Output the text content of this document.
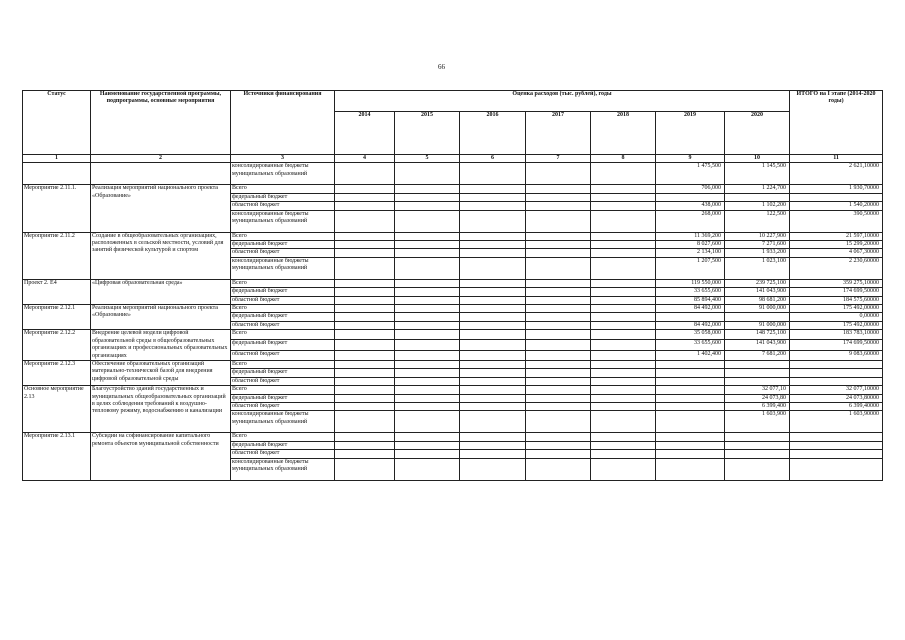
66
Статус	Наименование государственной программы, подпрограммы, основные мероприятия	Источники финансирования	Оценка расходов (тыс. рублей), годы							ИТОГО на I этапе (2014-2020 годы)
			2014	2015	2016	2017	2018	2019	2020	
1	2	3	4	5	6	7	8	9	10	11
		консолидированные бюджеты муниципальных образований						1 475,500	1 145,500	2 621,10000
Мероприятие 2.11.1.	Реализация мероприятий национального проекта «Образование»	Всего						706,000	1 224,700	1 930,70000
		федеральный бюджет								
		областной бюджет						438,000	1 102,200	1 540,20000
		консолидированные бюджеты муниципальных образований						268,000	122,500	390,50000
Мероприятие 2.11.2	Создание в общеобразовательных организациях, расположенных в сельской местности, условий для занятий физической культурой и спортом	Всего						11 369,200	10 227,900	21 597,10000
		федеральный бюджет						8 027,600	7 271,600	15 299,20000
		областной бюджет						2 134,100	1 933,200	4 067,30000
		консолидированные бюджеты муниципальных образований						1 207,500	1 023,100	2 230,60000
Проект 2. Е4	«Цифровая образовательная среда»	Всего						119 550,000	239 725,100	359 275,10000
		федеральный бюджет						33 655,600	141 043,900	174 699,50000
		областной бюджет						85 894,400	98 681,200	184 575,60000
Мероприятие 2.12.1	Реализация мероприятий национального проекта «Образование»	Всего						84 492,000	91 000,000	175 492,00000
		федеральный бюджет								0,00000
		областной бюджет						84 492,000	91 000,000	175 492,00000
Мероприятие 2.12.2	Внедрение целевой модели цифровой образовательной среды в общеобразовательных организациях и профессиональных образовательных организациях	Всего						35 058,000	148 725,100	183 783,10000
		федеральный бюджет						33 655,600	141 043,900	174 699,50000
		областной бюджет						1 402,400	7 681,200	9 083,60000
Мероприятие 2.12.3	Обеспечение образовательных организаций материально-технической базой для внедрения цифровой образовательной среды	Всего								
		федеральный бюджет								
		областной бюджет								
Основное мероприятие 2.13	Благоустройство зданий государственных и муниципальных общеобразовательных организаций в целях соблюдения требований к воздушно-тепловому режиму, водоснабжению и канализации	Всего							32 077,10	32 077,10000
		федеральный бюджет							24 073,80	24 073,80000
		областной бюджет							6 399,400	6 399,40000
		консолидированные бюджеты муниципальных образований							1 603,900	1 603,90000
Мероприятие 2.13.1	Субсидии на софинансирование капитального ремонта объектов муниципальной собственности	Всего								
		федеральный бюджет								
		областной бюджет								
		консолидированные бюджеты муниципальных образований								
